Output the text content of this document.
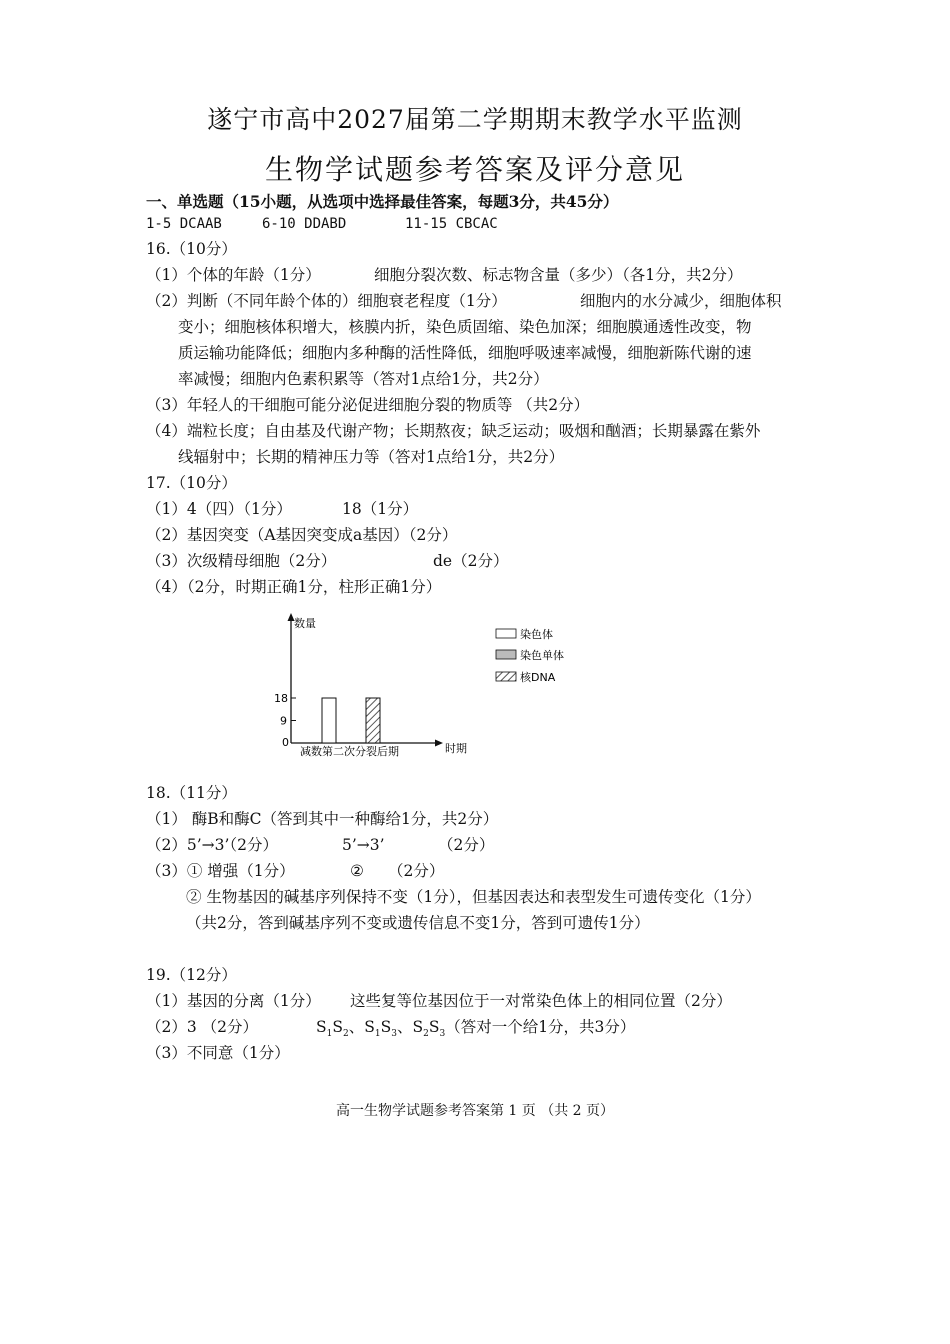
遂宁市高中2027届第二学期期末教学水平监测
生物学试题参考答案及评分意见
一、单选题（15小题，从选项中选择最佳答案，每题3分，共45分）
1-5 DCAAB	6-10 DDABD	11-15 CBCAC
16.（10分）
（1）个体的年龄（1分）	细胞分裂次数、标志物含量（多少）（各1分，共2分）
（2）判断（不同年龄个体的）细胞衰老程度（1分）	细胞内的水分减少，细胞体积
变小；细胞核体积增大，核膜内折，染色质固缩、染色加深；细胞膜通透性改变，物
质运输功能降低；细胞内多种酶的活性降低，细胞呼吸速率减慢，细胞新陈代谢的速
率减慢；细胞内色素积累等（答对1点给1分，共2分）
（3）年轻人的干细胞可能分泌促进细胞分裂的物质等 （共2分）
（4）端粒长度；自由基及代谢产物；长期熬夜；缺乏运动；吸烟和酗酒；长期暴露在紫外
线辐射中；长期的精神压力等（答对1点给1分，共2分）
17.（10分）
（1）4（四）（1分）	18（1分）
（2）基因突变（A基因突变成a基因）（2分）
（3）次级精母细胞（2分）	de（2分）
（4）（2分，时期正确1分，柱形正确1分）
数量
时期
18
9
0
减数第二次分裂后期
染色体
染色单体
核DNA
18.（11分）
（1） 酶B和酶C（答到其中一种酶给1分，共2分）
（2）5’→3’（2分）	5’→3’	（2分）
（3）① 增强（1分）	② （2分）
② 生物基因的碱基序列保持不变（1分），但基因表达和表型发生可遗传变化（1分）
（共2分，答到碱基序列不变或遗传信息不变1分，答到可遗传1分）
19.（12分）
（1）基因的分离（1分） 这些复等位基因位于一对常染色体上的相同位置（2分）
（2）3 （2分）	$S_1S_2$、$S_1S_3$、$S_2S_3$（答对一个给1分，共3分）
（3）不同意（1分）
高一生物学试题参考答案第 1 页 （共 2 页）
